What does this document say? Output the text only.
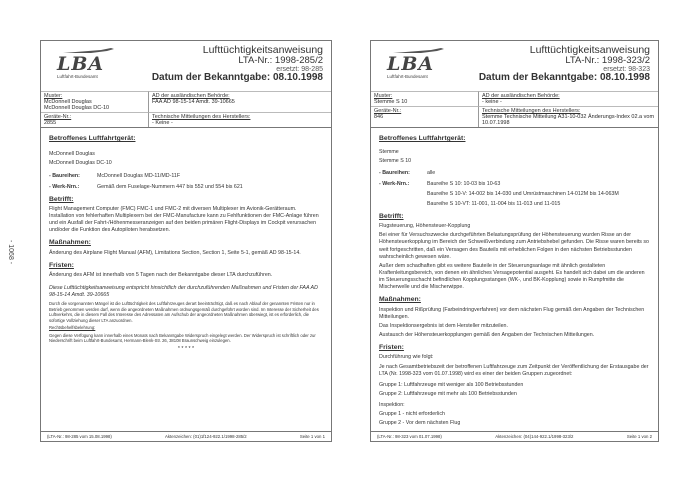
- 1068 -
LBA
Luftfahrt-Bundesamt
Lufttüchtigkeitsanweisung
LTA-Nr.: 1998-285/2
ersetzt: 98-285
Datum der Bekanntgabe: 08.10.1998
Muster:
McDonnell Douglas
McDonnell Douglas DC-10
AD der ausländischen Behörde:
FAA AD 98-15-14 Amdt. 39-10665
Geräte-Nr.:
2855
Technische Mitteilungen des Herstellers:
- Keine -
Betroffenes Luftfahrtgerät:

McDonnell Douglas

McDonnell Douglas DC-10

- Baureihen:	McDonnell Douglas MD-11/MD-11F
- Werk-Nrn.:	Gemäß dem Fuselage-Nummern 447 bis 552 und 554 bis 621
Betrifft:

Flight Management Computer (FMC) FMC-1 und FMC-2 mit diversen Multiplexer im Avionik-Gerätteraum. Installation von fehlerhaften Multiplexern bei der FMC-Manufacture kann zu Fehlfunktionen der FMC-Anlage führen und ein Ausfall der Fahrt-/Höhenmesseranzeigen auf den beiden primären Flight-Displays im Cockpit verursachen und/oder die Funktion des Autopiloten herabsetzen.

Maßnahmen:

Änderung des Airplane Flight Manual (AFM), Limitations Section, Section 1, Seite 5-1, gemäß AD 98-15-14.

Fristen:

Änderung des AFM ist innerhalb von 5 Tagen nach der Bekanntgabe dieser LTA durchzuführen.

Diese Lufttüchtigkeitsanweisung entspricht hinsichtlich der durchzuführenden Maßnahmen und Fristen der FAA AD 98-15-14 Amdt. 39-10665

Durch die vorgenannten Mängel ist die Lufttüchtigkeit des Luftfahrzeuges derart beeinträchtigt, daß es nach Ablauf der genannten Fristen nur in Betrieb genommen werden darf, wenn die angeordneten Maßnahmen ordnungsgemäß durchgeführt worden sind. Im Interesse der Sicherheit des Luftverkehrs, die in diesem Fall des Interesse des Adressaten am Aufschub der angeordneten Maßnahmen überwiegt, ist es erforderlich, die sofortige Vollziehung dieser LTA anzuordnen.

Rechtsbehelfsbelehrung:

Gegen diese Verfügung kann innerhalb eines Monats nach Bekanntgabe Widerspruch eingelegt werden. Der Widerspruch ist schriftlich oder zur Niederschrift beim Luftfahrt-Bundesamt, Hermann-Blenk-Str. 26, 38108 Braunschweig einzulegen.

* * * * *

(LTA-Nr.: 98-285 vom 15.08.1998)	Aktenzeichen: (01)1f124-922.1/1998-285/2	Seite 1 von 1
LBA
Luftfahrt-Bundesamt
Lufttüchtigkeitsanweisung
LTA-Nr.: 1998-323/2
ersetzt: 98-323
Datum der Bekanntgabe: 08.10.1998
Muster:
Stemme S 10
AD der ausländischen Behörde:
- keine -
Geräte-Nr.:
846
Technische Mitteilungen des Herstellers:
Stemme Technische Mitteilung A31-10-032 Änderungs-Index 02.a vom 10.07.1998
Betroffenes Luftfahrtgerät:

Stemme

Stemme S 10

- Baureihen:	alle
- Werk-Nrn.:	Baureihe S 10: 10-03 bis 10-63
Baureihe S 10-V: 14-002 bis 14-030 und Umrüstmaschinen 14-012M bis 14-063M
Baureihe S 10-VT: 11-001, 11-004 bis 11-013 und 11-015
Betrifft:

Flugsteuerung, Höhensteuer-Kopplung

Bei einer für Versuchszwecke durchgeführten Belastungsprüfung der Höhensteuerung wurden Risse an der Höhensteuerkopplung im Bereich der Schweißverbindung zum Antriebshebel gefunden. Die Risse waren bereits so weit fortgeschritten, daß ein Versagen des Bauteils mit erheblichen Folgen in den nächsten Betriebsstunden wahrscheinlich gewesen wäre.

Außer dem schadhaften gibt es weitere Bauteile in der Steuerungsanlage mit ähnlich gestalteten Kraftenleitungsbereich, von denen ein ähnliches Versagepotential ausgeht. Es handelt sich dabei um die anderen im Steuerungsschacht befindlichen Kopplungsstangen (WK-, und BK-Kopplung) sowie in Rumpfmitte die Mischerwelle und die Mischerwippe.

Maßnahmen:

Inspektion und Rißprüfung (Farbeindringverfahren) vor dem nächsten Flug gemäß den Angaben der Technischen Mitteilungen.

Das Inspektionsergebnis ist dem Hersteller mitzuteilen.

Austausch der Höhensteuerkopplungen gemäß den Angaben der Technischen Mitteilungen.

Fristen:

Durchführung wie folgt:

Je nach Gesamtbetriebszeit der betroffenen Luftfahrzeuge zum Zeitpunkt der Veröffentlichung der Erstausgabe der LTA (Nr. 1998-323 vom 01.07.1998) wird es einer der beiden Gruppen zugeordnet:

Gruppe 1: Luftfahrzeuge mit weniger als 100 Betriebsstunden

Gruppe 2: Luftfahrzeuge mit mehr als 100 Betriebsstunden

Inspektion:

Gruppe 1 - nicht erforderlich

Gruppe 2 - Vor dem nächsten Flug

(LTA-Nr.: 98-323 vom 01.07.1998)	Aktenzeichen: (04)144-922.1/1998-323/2	Seite 1 von 2
